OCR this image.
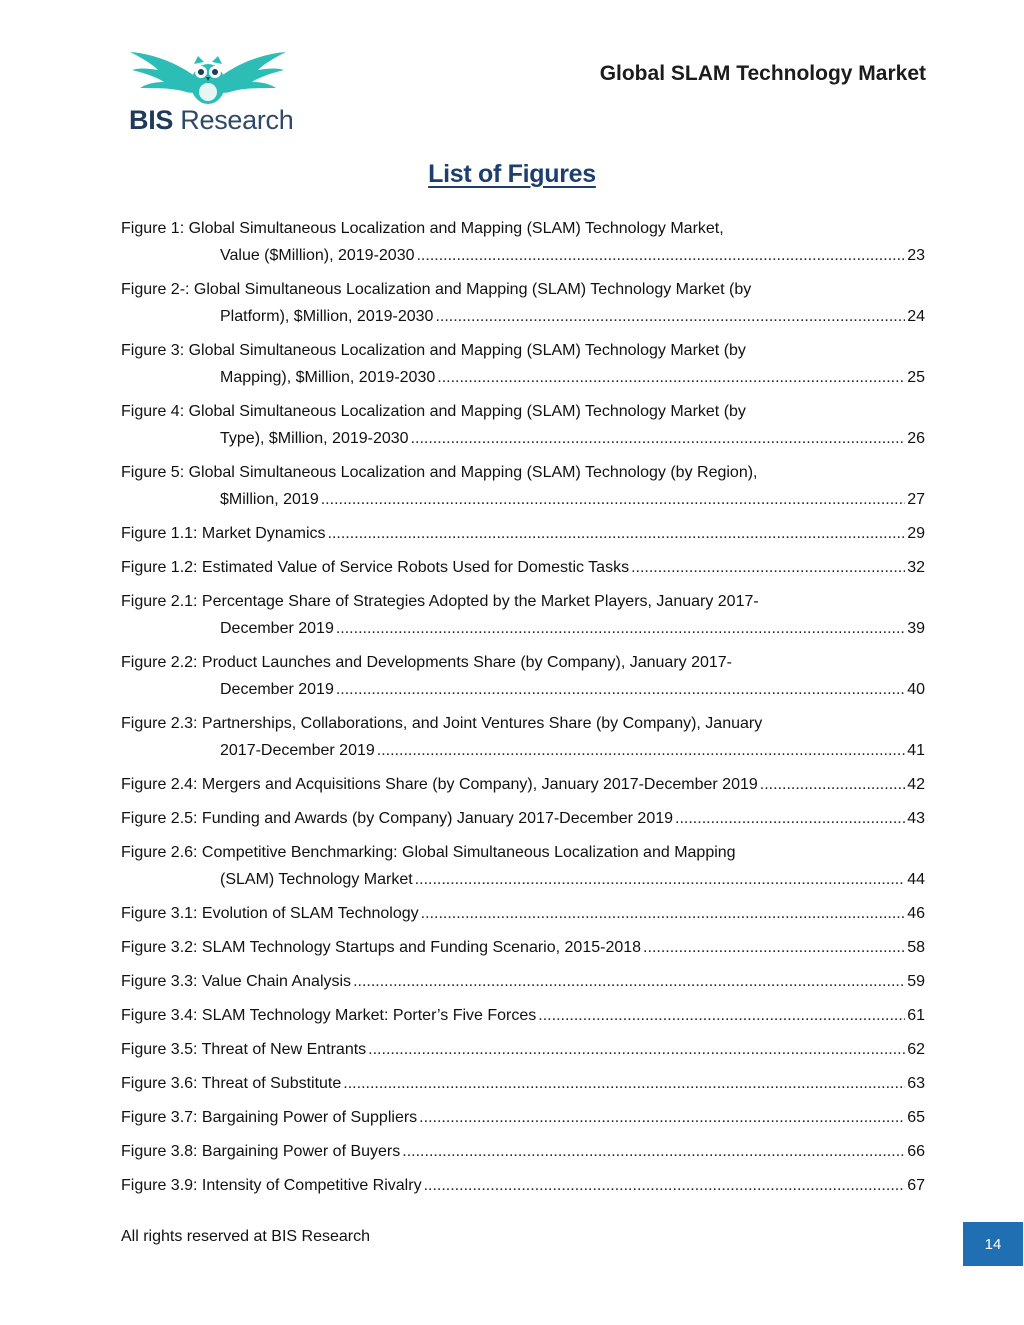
BIS Research
Global SLAM Technology Market
List of Figures
Figure 1: Global Simultaneous Localization and Mapping (SLAM) Technology Market,
Value ($Million), 2019-2030 .....	23
Figure 2-: Global Simultaneous Localization and Mapping (SLAM) Technology Market (by
Platform), $Million, 2019-2030 .....	24
Figure 3: Global Simultaneous Localization and Mapping (SLAM) Technology Market (by
Mapping), $Million, 2019-2030 .....	25
Figure 4: Global Simultaneous Localization and Mapping (SLAM) Technology Market (by
Type), $Million, 2019-2030 .....	26
Figure 5: Global Simultaneous Localization and Mapping (SLAM) Technology (by Region),
$Million, 2019 .....	27
Figure 1.1: Market Dynamics .....	29
Figure 1.2: Estimated Value of Service Robots Used for Domestic Tasks .....	32
Figure 2.1: Percentage Share of Strategies Adopted by the Market Players, January 2017-
December 2019 .....	39
Figure 2.2: Product Launches and Developments Share (by Company), January 2017-
December 2019 .....	40
Figure 2.3: Partnerships, Collaborations, and Joint Ventures Share (by Company), January
2017-December 2019 .....	41
Figure 2.4: Mergers and Acquisitions Share (by Company), January 2017-December 2019 .....	42
Figure 2.5: Funding and Awards (by Company) January 2017-December 2019 .....	43
Figure 2.6: Competitive Benchmarking: Global Simultaneous Localization and Mapping
(SLAM) Technology Market .....	44
Figure 3.1: Evolution of SLAM Technology .....	46
Figure 3.2: SLAM Technology Startups and Funding Scenario, 2015-2018 .....	58
Figure 3.3: Value Chain Analysis .....	59
Figure 3.4: SLAM Technology Market: Porter’s Five Forces .....	61
Figure 3.5: Threat of New Entrants .....	62
Figure 3.6: Threat of Substitute .....	63
Figure 3.7: Bargaining Power of Suppliers .....	65
Figure 3.8: Bargaining Power of Buyers .....	66
Figure 3.9: Intensity of Competitive Rivalry .....	67
All rights reserved at BIS Research	14
